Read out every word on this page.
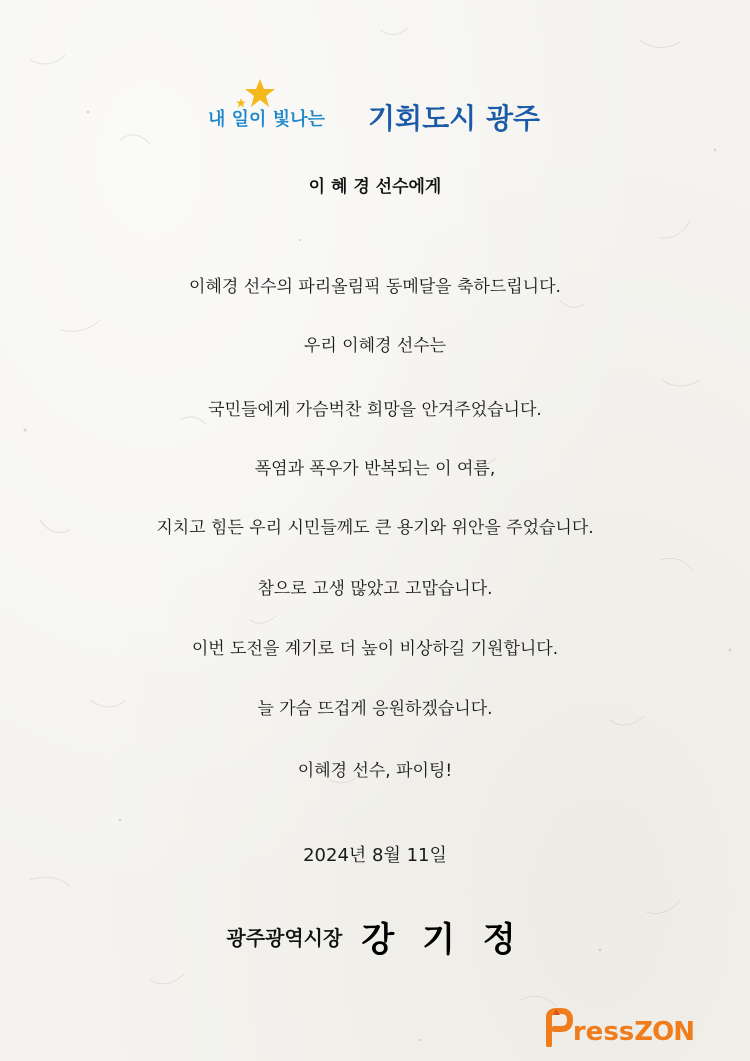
내 일이 빛나는 기회도시 광주
이 혜 경 선수에게
이혜경 선수의 파리올림픽 동메달을 축하드립니다.
우리 이혜경 선수는
국민들에게 가슴벅찬 희망을 안겨주었습니다.
폭염과 폭우가 반복되는 이 여름,
지치고 힘든 우리 시민들께도 큰 용기와 위안을 주었습니다.
참으로 고생 많았고 고맙습니다.
이번 도전을 계기로 더 높이 비상하길 기원합니다.
늘 가슴 뜨겁게 응원하겠습니다.
이혜경 선수, 파이팅!
2024년 8월 11일
광주광역시장 강 기 정
ressZON
